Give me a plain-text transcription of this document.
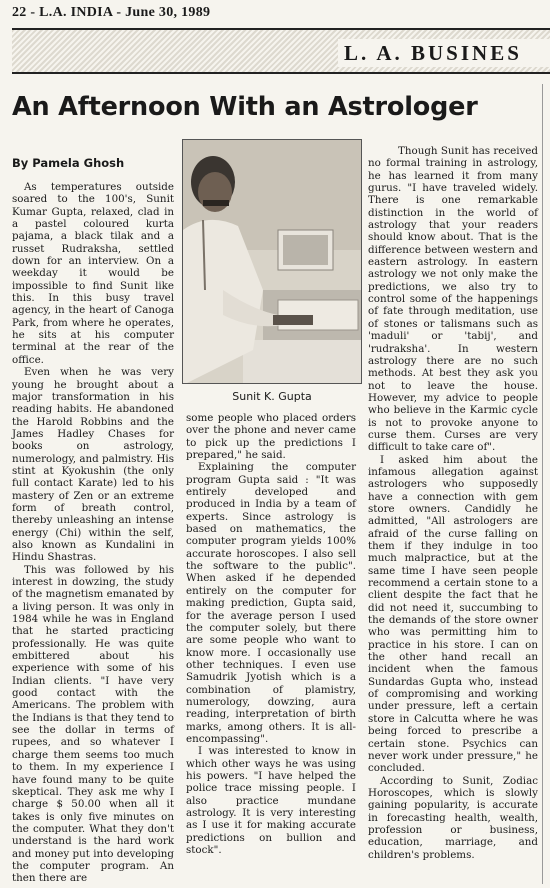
22 - L.A. INDIA - June 30, 1989
L. A. BUSINES
An Afternoon With an Astrologer
By Pamela Ghosh

As temperatures outside soared to the 100's, Sunit Kumar Gupta, relaxed, clad in a pastel coloured kurta pajama, a black tilak and a russet Rudraksha, settled down for an interview. On a weekday it would be impossible to find Sunit like this. In this busy travel agency, in the heart of Canoga Park, from where he operates, he sits at his computer terminal at the rear of the office.

Even when he was very young he brought about a major transformation in his reading habits. He abandoned the Harold Robbins and the James Hadley Chases for books on astrology, numerology, and palmistry. His stint at Kyokushin (the only full contact Karate) led to his mastery of Zen or an extreme form of breath control, thereby unleashing an intense energy (Chi) within the self, also known as Kundalini in Hindu Shastras.

This was followed by his interest in dowzing, the study of the magnetism emanated by a living person. It was only in 1984 while he was in England that he started practicing professionally. He was quite embittered about his experience with some of his Indian clients. "I have very good contact with the Americans. The problem with the Indians is that they tend to see the dollar in terms of rupees, and so whatever I charge them seems too much to them. In my experience I have found many to be quite skeptical. They ask me why I charge $ 50.00 when all it takes is only five minutes on the computer. What they don't understand is the hard work and money put into developing the computer program. An then there are

Sunit K. Gupta

some people who placed orders over the phone and never came to pick up the predictions I prepared," he said.

Explaining the computer program Gupta said : "It was entirely developed and produced in India by a team of experts. Since astrology is based on mathematics, the computer program yields 100% accurate horoscopes. I also sell the software to the public". When asked if he depended entirely on the computer for making prediction, Gupta said, for the average person I used the computer solely, but there are some people who want to know more. I occasionally use other techniques. I even use Samudrik Jyotish which is a combination of plamistry, numerology, dowzing, aura reading, interpretation of birth marks, among others. It is all-encompassing".

I was interested to know in which other ways he was using his powers. "I have helped the police trace missing people. I also practice mundane astrology. It is very interesting as I use it for making accurate predictions on bullion and stock".

Though Sunit has received no formal training in astrology, he has learned it from many gurus. "I have traveled widely. There is one remarkable distinction in the world of astrology that your readers should know about. That is the difference between western and eastern astrology. In eastern astrology we not only make the predictions, we also try to control some of the happenings of fate through meditation, use of stones or talismans such as 'maduli' or 'tabij', and 'rudraksha'. In western astrology there are no such methods. At best they ask you not to leave the house. However, my advice to people who believe in the Karmic cycle is not to provoke anyone to curse them. Curses are very difficult to take care of".

I asked him about the infamous allegation against astrologers who supposedly have a connection with gem store owners. Candidly he admitted, "All astrologers are afraid of the curse falling on them if they indulge in too much malpractice, but at the same time I have seen people recommend a certain stone to a client despite the fact that he did not need it, succumbing to the demands of the store owner who was permitting him to practice in his store. I can on the other hand recall an incident when the famous Sundardas Gupta who, instead of compromising and working under pressure, left a certain store in Calcutta where he was being forced to prescribe a certain stone. Psychics can never work under pressure," he concluded.

According to Sunit, Zodiac Horoscopes, which is slowly gaining popularity, is accurate in forecasting health, wealth, profession or business, education, marriage, and children's problems.
